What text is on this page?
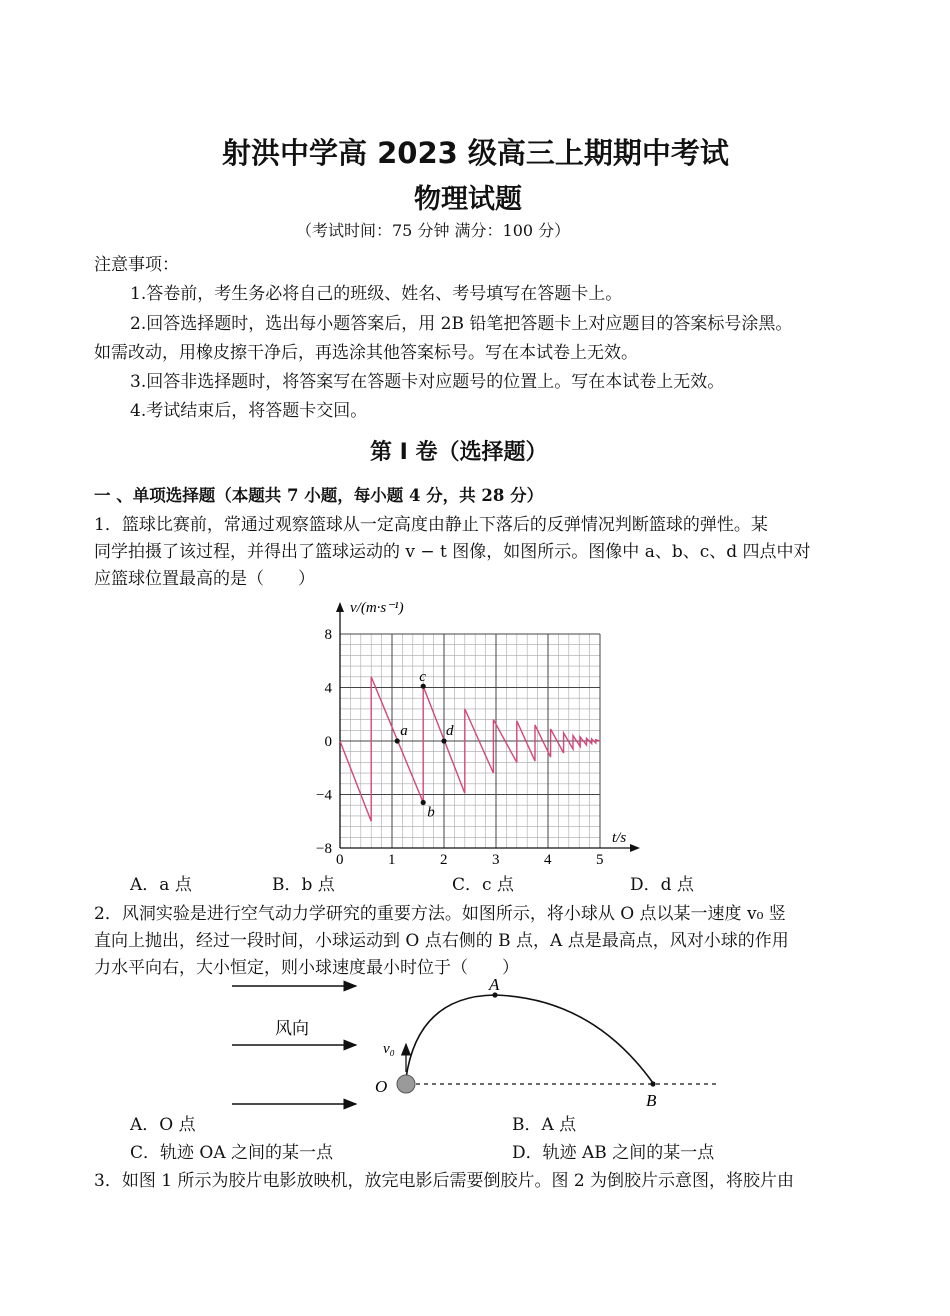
射洪中学高 2023 级高三上期期中考试
物理试题
（考试时间：75 分钟 满分：100 分）
注意事项：
1.答卷前，考生务必将自己的班级、姓名、考号填写在答题卡上。
2.回答选择题时，选出每小题答案后，用 2B 铅笔把答题卡上对应题目的答案标号涂黑。
如需改动，用橡皮擦干净后，再选涂其他答案标号。写在本试卷上无效。
3.回答非选择题时，将答案写在答题卡对应题号的位置上。写在本试卷上无效。
4.考试结束后，将答题卡交回。
第 I 卷（选择题）
一 、单项选择题（本题共 7 小题，每小题 4 分，共 28 分）
1．篮球比赛前，常通过观察篮球从一定高度由静止下落后的反弹情况判断篮球的弹性。某
同学拍摄了该过程，并得出了篮球运动的 v − t 图像，如图所示。图像中 a、b、c、d 四点中对
应篮球位置最高的是（　　）
0	1	2	3	4	5
8
4
0
−4
−8
a
b
c
d
v/(m·s⁻¹)
t/s
A．a 点	B．b 点	C．c 点	D．d 点
2．风洞实验是进行空气动力学研究的重要方法。如图所示，将小球从 O 点以某一速度 v₀ 竖
直向上抛出，经过一段时间，小球运动到 O 点右侧的 B 点，A 点是最高点，风对小球的作用
力水平向右，大小恒定，则小球速度最小时位于（　　）
风向
v₀
A
B
O
A．O 点	B．A 点
C．轨迹 OA 之间的某一点	D．轨迹 AB 之间的某一点
3．如图 1 所示为胶片电影放映机，放完电影后需要倒胶片。图 2 为倒胶片示意图，将胶片由
